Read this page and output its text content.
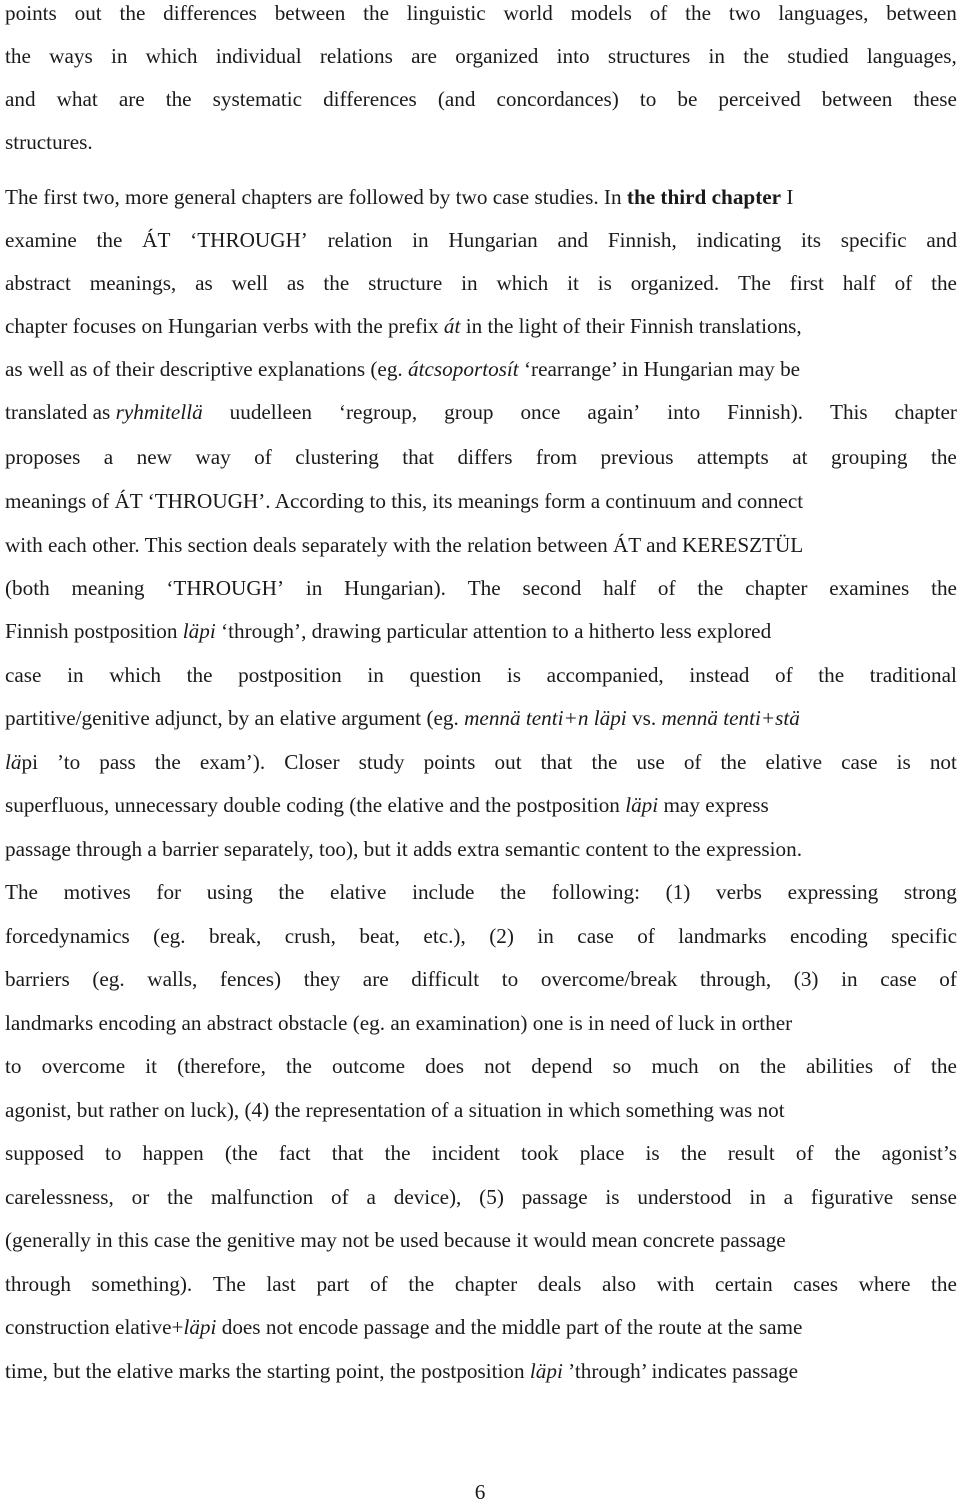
points out the differences between the linguistic world models of the two languages, between
the ways in which individual relations are organized into structures in the studied languages,
and what are the systematic differences (and concordances) to be perceived between these
structures.
The first two, more general chapters are followed by two case studies. In the third chapter I
examine the ÁT ‘THROUGH’ relation in Hungarian and Finnish, indicating its specific and
abstract meanings, as well as the structure in which it is organized. The first half of the
chapter focuses on Hungarian verbs with the prefix át in the light of their Finnish translations,
as well as of their descriptive explanations (eg. átcsoportosít ‘rearrange’ in Hungarian may be
translated as ryhmitellä uudelleen ‘regroup, group once again’ into Finnish). This chapter
proposes a new way of clustering that differs from previous attempts at grouping the
meanings of ÁT ‘THROUGH’. According to this, its meanings form a continuum and connect
with each other. This section deals separately with the relation between ÁT and KERESZTÜL
(both meaning ‘THROUGH’ in Hungarian). The second half of the chapter examines the
Finnish postposition läpi ‘through’, drawing particular attention to a hitherto less explored
case in which the postposition in question is accompanied, instead of the traditional
partitive/genitive adjunct, by an elative argument (eg. mennä tenti+n läpi vs. mennä tenti+stä
läpi ’to pass the exam’). Closer study points out that the use of the elative case is not
superfluous, unnecessary double coding (the elative and the postposition läpi may express
passage through a barrier separately, too), but it adds extra semantic content to the expression.
The motives for using the elative include the following: (1) verbs expressing strong
forcedynamics (eg. break, crush, beat, etc.), (2) in case of landmarks encoding specific
barriers (eg. walls, fences) they are difficult to overcome/break through, (3) in case of
landmarks encoding an abstract obstacle (eg. an examination) one is in need of luck in orther
to overcome it (therefore, the outcome does not depend so much on the abilities of the
agonist, but rather on luck), (4) the representation of a situation in which something was not
supposed to happen (the fact that the incident took place is the result of the agonist’s
carelessness, or the malfunction of a device), (5) passage is understood in a figurative sense
(generally in this case the genitive may not be used because it would mean concrete passage
through something). The last part of the chapter deals also with certain cases where the
construction elative+läpi does not encode passage and the middle part of the route at the same
time, but the elative marks the starting point, the postposition läpi ’through’ indicates passage
6
